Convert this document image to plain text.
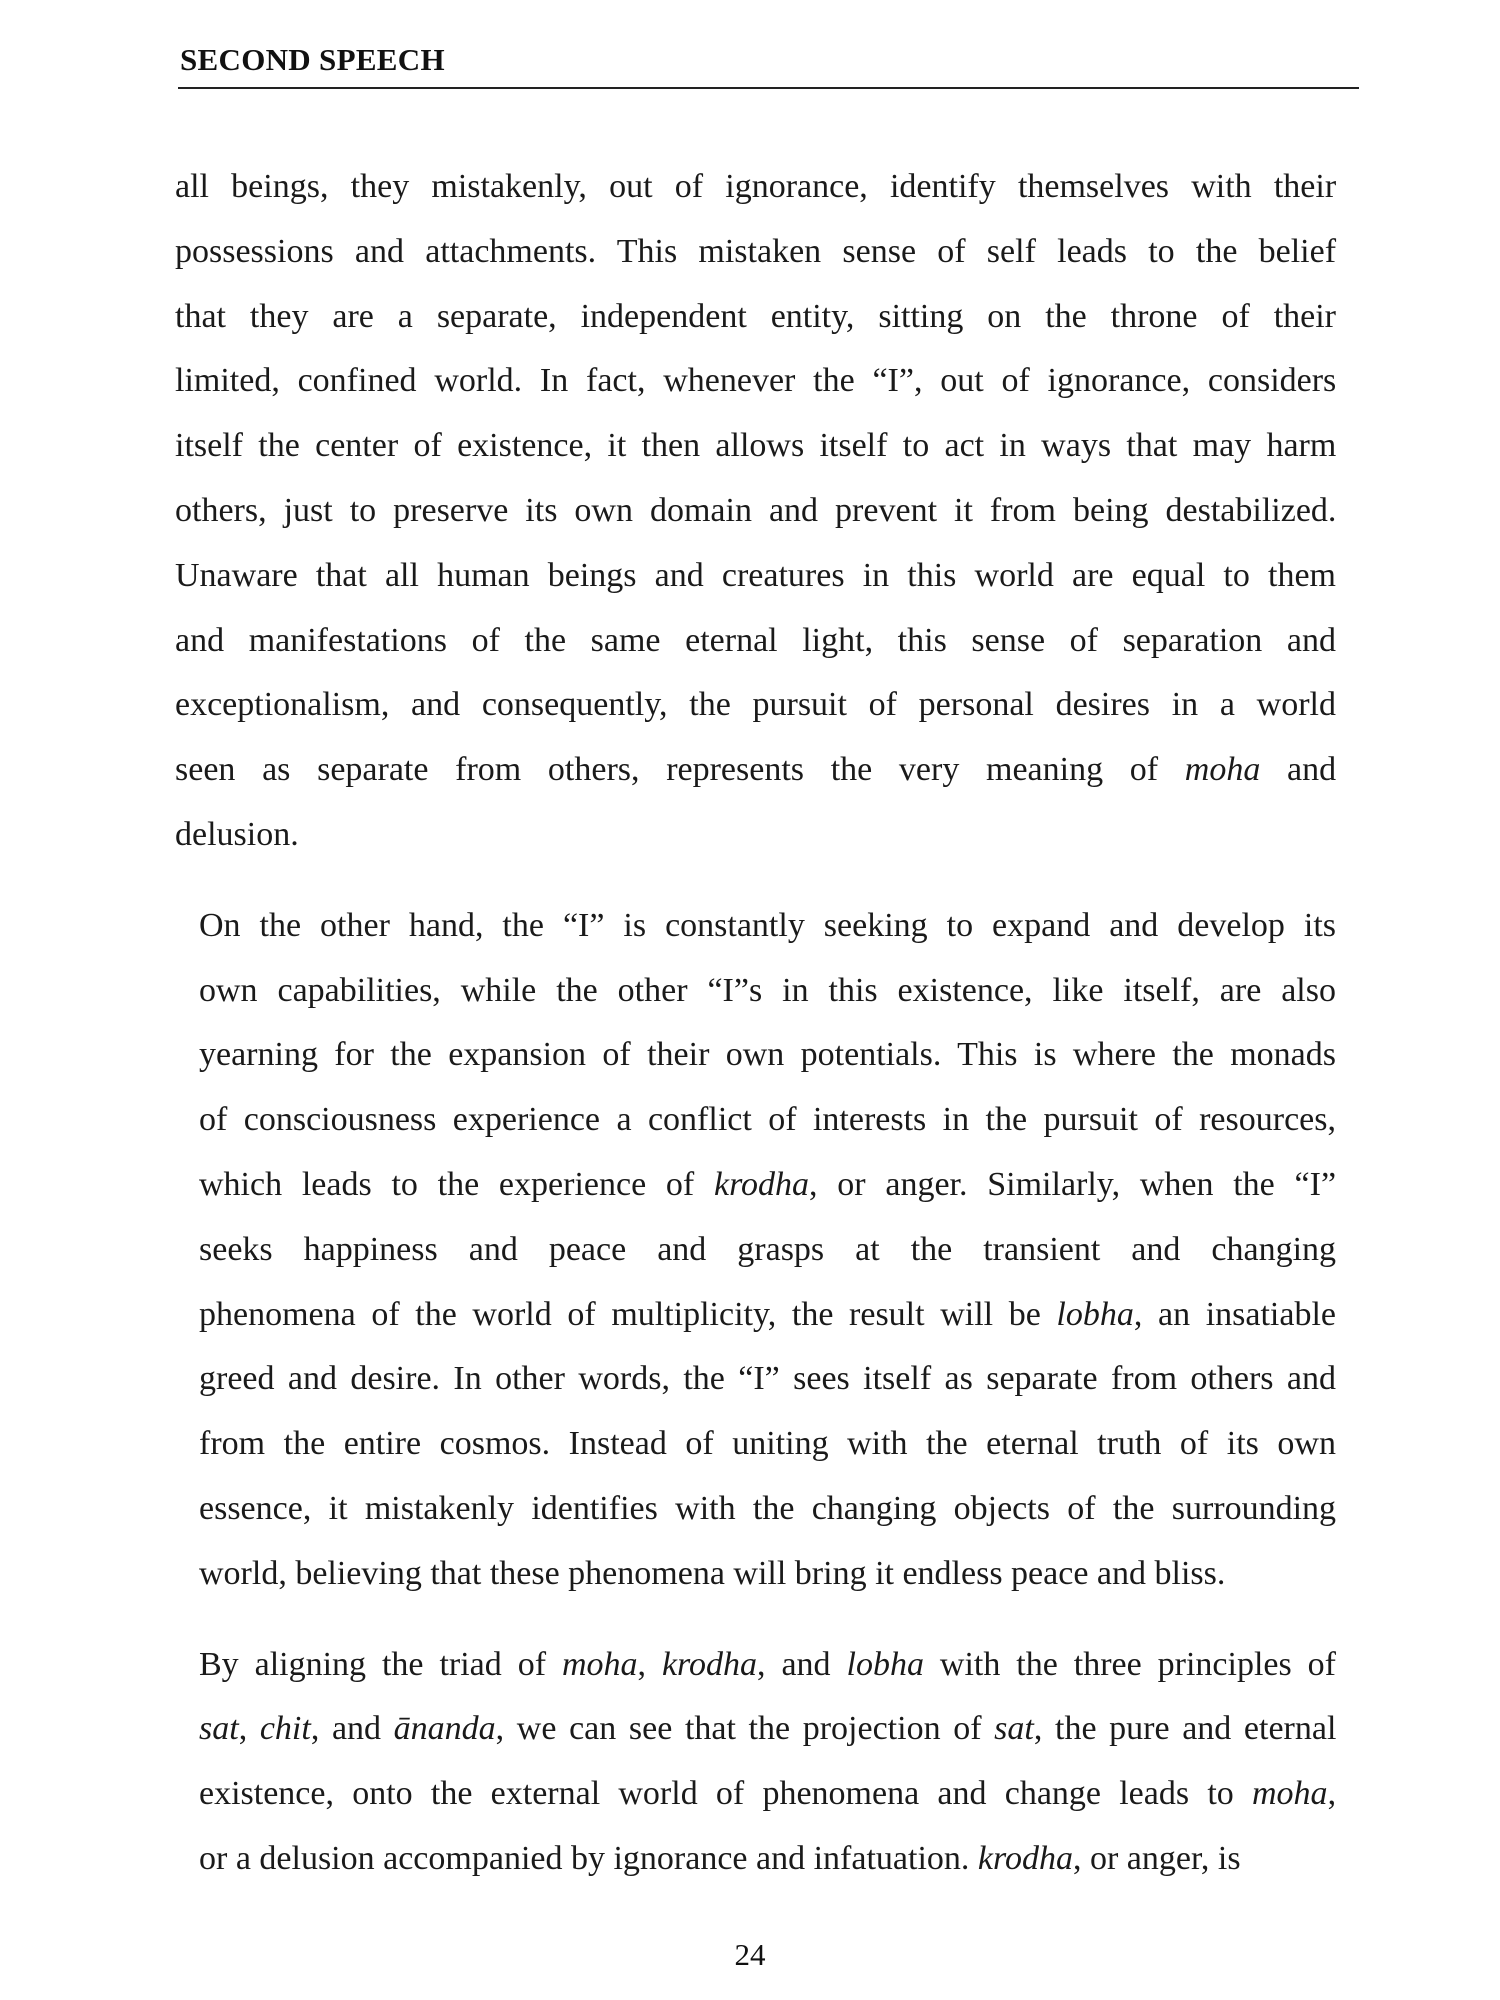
SECOND SPEECH

all beings, they mistakenly, out of ignorance, identify themselves with their
possessions and attachments. This mistaken sense of self leads to the belief
that they are a separate, independent entity, sitting on the throne of their
limited, confined world. In fact, whenever the “I”, out of ignorance, considers
itself the center of existence, it then allows itself to act in ways that may harm
others, just to preserve its own domain and prevent it from being destabilized.
Unaware that all human beings and creatures in this world are equal to them
and manifestations of the same eternal light, this sense of separation and
exceptionalism, and consequently, the pursuit of personal desires in a world
seen as separate from others, represents the very meaning of moha and
delusion.

On the other hand, the “I” is constantly seeking to expand and develop its
own capabilities, while the other “I”s in this existence, like itself, are also
yearning for the expansion of their own potentials. This is where the monads
of consciousness experience a conflict of interests in the pursuit of resources,
which leads to the experience of krodha, or anger. Similarly, when the “I”
seeks happiness and peace and grasps at the transient and changing
phenomena of the world of multiplicity, the result will be lobha, an insatiable
greed and desire. In other words, the “I” sees itself as separate from others and
from the entire cosmos. Instead of uniting with the eternal truth of its own
essence, it mistakenly identifies with the changing objects of the surrounding
world, believing that these phenomena will bring it endless peace and bliss.

By aligning the triad of moha, krodha, and lobha with the three principles of
sat, chit, and ānanda, we can see that the projection of sat, the pure and eternal
existence, onto the external world of phenomena and change leads to moha,
or a delusion accompanied by ignorance and infatuation. krodha, or anger, is

24
